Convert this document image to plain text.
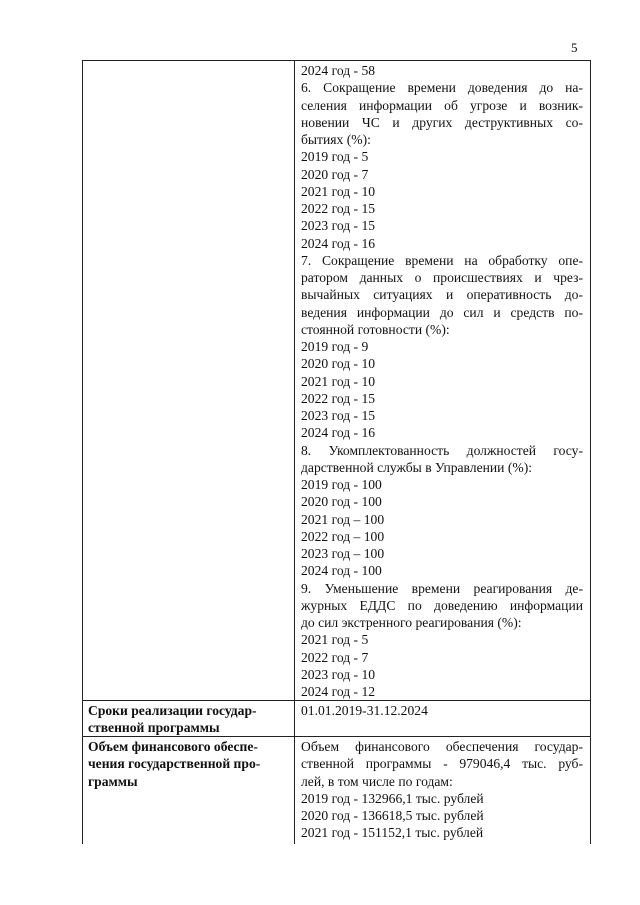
5
2024 год - 58
6. Сокращение времени доведения до на-
селения информации об угрозе и возник-
новении ЧС и других деструктивных со-
бытиях (%):
2019 год - 5
2020 год - 7
2021 год - 10
2022 год - 15
2023 год - 15
2024 год - 16
7. Сокращение времени на обработку опе-
ратором данных о происшествиях и чрез-
вычайных ситуациях и оперативность до-
ведения информации до сил и средств по-
стоянной готовности (%):
2019 год - 9
2020 год - 10
2021 год - 10
2022 год - 15
2023 год - 15
2024 год - 16
8. Укомплектованность должностей госу-
дарственной службы в Управлении (%):
2019 год - 100
2020 год - 100
2021 год – 100
2022 год – 100
2023 год – 100
2024 год - 100
9. Уменьшение времени реагирования де-
журных ЕДДС по доведению информации
до сил экстренного реагирования (%):
2021 год - 5
2022 год - 7
2023 год - 10
2024 год - 12
Сроки реализации государ-
ственной программы
01.01.2019-31.12.2024
Объем финансового обеспе-
чения государственной про-
граммы
Объем финансового обеспечения государ-
ственной программы - 979046,4 тыс. руб-
лей, в том числе по годам:
2019 год - 132966,1 тыс. рублей
2020 год - 136618,5 тыс. рублей
2021 год - 151152,1 тыс. рублей
